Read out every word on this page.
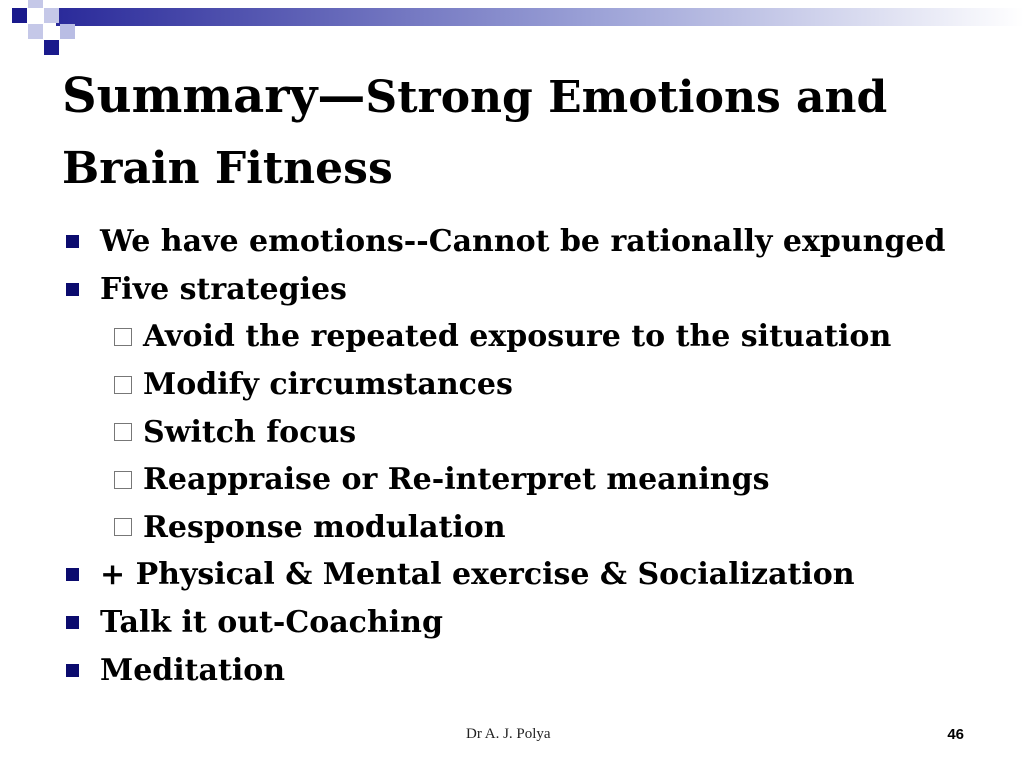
Summary—Strong Emotions and Brain Fitness
We have emotions--Cannot be rationally expunged
Five strategies
Avoid the repeated exposure to the situation
Modify circumstances
Switch focus
Reappraise or Re-interpret meanings
Response modulation
+ Physical & Mental exercise & Socialization
Talk it out-Coaching
Meditation
Dr A. J. Polya	46
